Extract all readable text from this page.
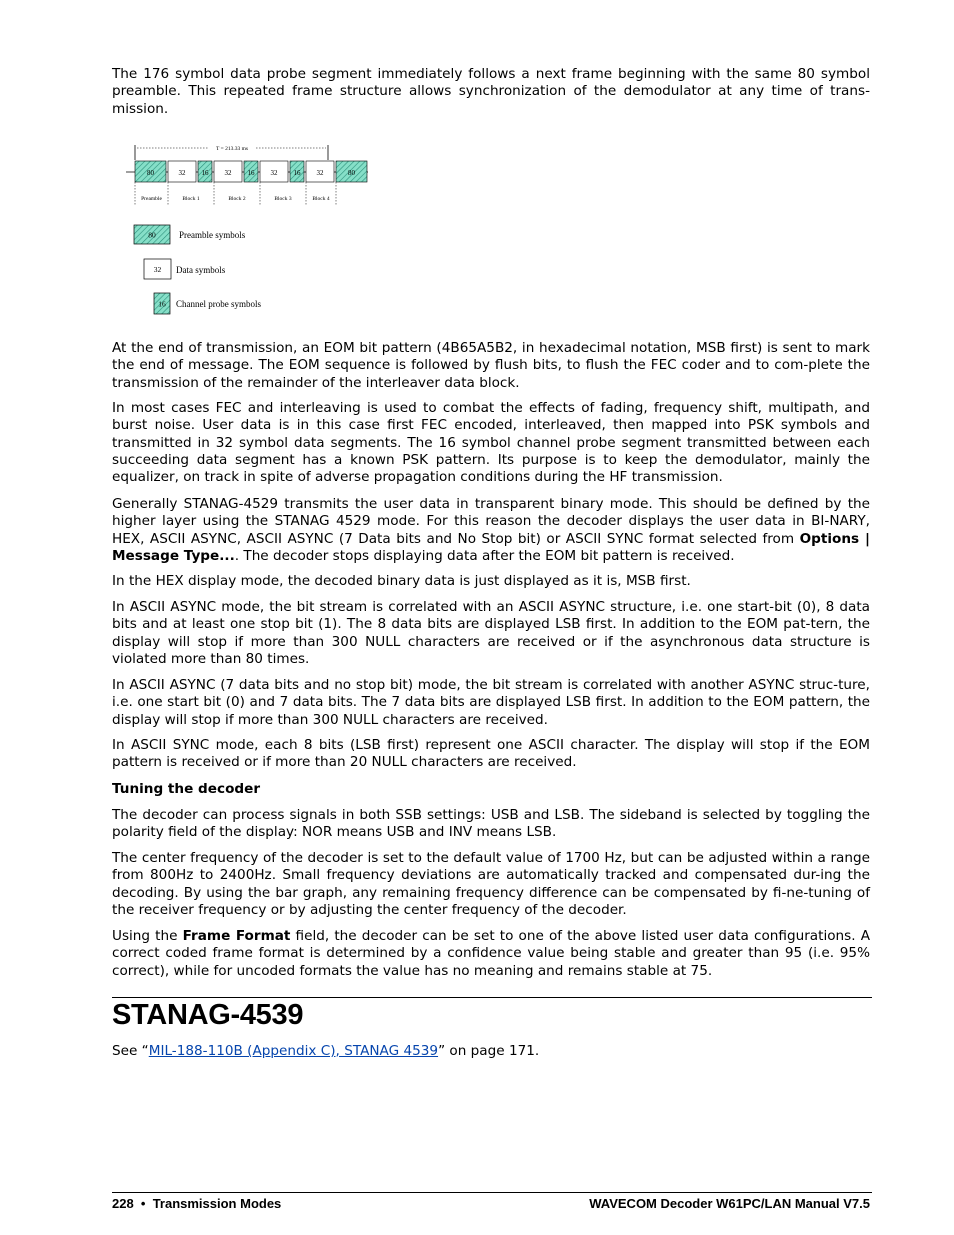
The 176 symbol data probe segment immediately follows a next frame beginning with the same 80 symbol preamble. This repeated frame structure allows synchronization of the demodulator at any time of trans-mission.

T = 213.33 ms
80	32 16 32 16 32 16 32	80
Preamble	Block 1	Block 2	Block 3	Block 4
80	Preamble symbols
32 Data symbols
16 Channel probe symbols

At the end of transmission, an EOM bit pattern (4B65A5B2, in hexadecimal notation, MSB first) is sent to mark the end of message. The EOM sequence is followed by flush bits, to flush the FEC coder and to com-plete the transmission of the remainder of the interleaver data block.

In most cases FEC and interleaving is used to combat the effects of fading, frequency shift, multipath, and burst noise. User data is in this case first FEC encoded, interleaved, then mapped into PSK symbols and transmitted in 32 symbol data segments. The 16 symbol channel probe segment transmitted between each succeeding data segment has a known PSK pattern. Its purpose is to keep the demodulator, mainly the equalizer, on track in spite of adverse propagation conditions during the HF transmission.

Generally STANAG-4529 transmits the user data in transparent binary mode. This should be defined by the higher layer using the STANAG 4529 mode. For this reason the decoder displays the user data in BI-NARY, HEX, ASCII ASYNC, ASCII ASYNC (7 Data bits and No Stop bit) or ASCII SYNC format selected from Options | Message Type.... The decoder stops displaying data after the EOM bit pattern is received.

In the HEX display mode, the decoded binary data is just displayed as it is, MSB first.

In ASCII ASYNC mode, the bit stream is correlated with an ASCII ASYNC structure, i.e. one start-bit (0), 8 data bits and at least one stop bit (1). The 8 data bits are displayed LSB first. In addition to the EOM pat-tern, the display will stop if more than 300 NULL characters are received or if the asynchronous data structure is violated more than 80 times.

In ASCII ASYNC (7 data bits and no stop bit) mode, the bit stream is correlated with another ASYNC struc-ture, i.e. one start bit (0) and 7 data bits. The 7 data bits are displayed LSB first. In addition to the EOM pattern, the display will stop if more than 300 NULL characters are received.

In ASCII SYNC mode, each 8 bits (LSB first) represent one ASCII character. The display will stop if the EOM pattern is received or if more than 20 NULL characters are received.

Tuning the decoder

The decoder can process signals in both SSB settings: USB and LSB. The sideband is selected by toggling the polarity field of the display: NOR means USB and INV means LSB.

The center frequency of the decoder is set to the default value of 1700 Hz, but can be adjusted within a range from 800Hz to 2400Hz. Small frequency deviations are automatically tracked and compensated dur-ing the decoding. By using the bar graph, any remaining frequency difference can be compensated by fi-ne-tuning of the receiver frequency or by adjusting the center frequency of the decoder.

Using the Frame Format field, the decoder can be set to one of the above listed user data configurations. A correct coded frame format is determined by a confidence value being stable and greater than 95 (i.e. 95% correct), while for uncoded formats the value has no meaning and remains stable at 75.

STANAG-4539

See “MIL-188-110B (Appendix C), STANAG 4539” on page 171.

228  •  Transmission Modes	WAVECOM Decoder W61PC/LAN Manual V7.5
